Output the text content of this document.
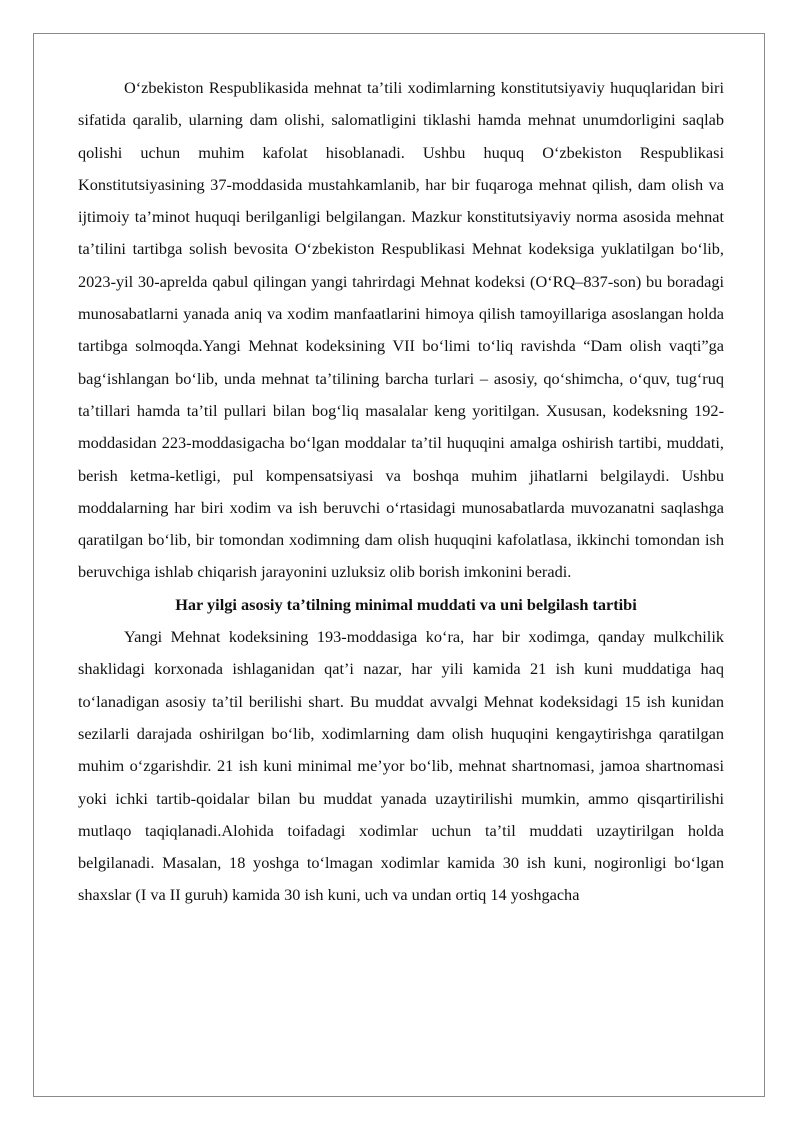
Oʻzbekiston Respublikasida mehnat taʼtili xodimlarning konstitutsiyaviy huquqlaridan biri sifatida qaralib, ularning dam olishi, salomatligini tiklashi hamda mehnat unumdorligini saqlab qolishi uchun muhim kafolat hisoblanadi. Ushbu huquq Oʻzbekiston Respublikasi Konstitutsiyasining 37-moddasida mustahkamlanib, har bir fuqaroga mehnat qilish, dam olish va ijtimoiy taʼminot huquqi berilganligi belgilangan. Mazkur konstitutsiyaviy norma asosida mehnat taʼtilini tartibga solish bevosita Oʻzbekiston Respublikasi Mehnat kodeksiga yuklatilgan boʻlib, 2023-yil 30-aprelda qabul qilingan yangi tahrirdagi Mehnat kodeksi (OʻRQ–837-son) bu boradagi munosabatlarni yanada aniq va xodim manfaatlarini himoya qilish tamoyillariga asoslangan holda tartibga solmoqda.Yangi Mehnat kodeksining VII boʻlimi toʻliq ravishda “Dam olish vaqti”ga bagʻishlangan boʻlib, unda mehnat taʼtilining barcha turlari – asosiy, qoʻshimcha, oʻquv, tugʻruq taʼtillari hamda taʼtil pullari bilan bogʻliq masalalar keng yoritilgan. Xususan, kodeksning 192-moddasidan 223-moddasigacha boʻlgan moddalar taʼtil huquqini amalga oshirish tartibi, muddati, berish ketma-ketligi, pul kompensatsiyasi va boshqa muhim jihatlarni belgilaydi. Ushbu moddalarning har biri xodim va ish beruvchi oʻrtasidagi munosabatlarda muvozanatni saqlashga qaratilgan boʻlib, bir tomondan xodimning dam olish huquqini kafolatlasa, ikkinchi tomondan ish beruvchiga ishlab chiqarish jarayonini uzluksiz olib borish imkonini beradi.

Har yilgi asosiy taʼtilning minimal muddati va uni belgilash tartibi

Yangi Mehnat kodeksining 193-moddasiga koʻra, har bir xodimga, qanday mulkchilik shaklidagi korxonada ishlaganidan qatʼi nazar, har yili kamida 21 ish kuni muddatiga haq toʻlanadigan asosiy taʼtil berilishi shart. Bu muddat avvalgi Mehnat kodeksidagi 15 ish kunidan sezilarli darajada oshirilgan boʻlib, xodimlarning dam olish huquqini kengaytirishga qaratilgan muhim oʻzgarishdir. 21 ish kuni minimal meʼyor boʻlib, mehnat shartnomasi, jamoa shartnomasi yoki ichki tartib-qoidalar bilan bu muddat yanada uzaytirilishi mumkin, ammo qisqartirilishi mutlaqo taqiqlanadi.Alohida toifadagi xodimlar uchun taʼtil muddati uzaytirilgan holda belgilanadi. Masalan, 18 yoshga toʻlmagan xodimlar kamida 30 ish kuni, nogironligi boʻlgan shaxslar (I va II guruh) kamida 30 ish kuni, uch va undan ortiq 14 yoshgacha
